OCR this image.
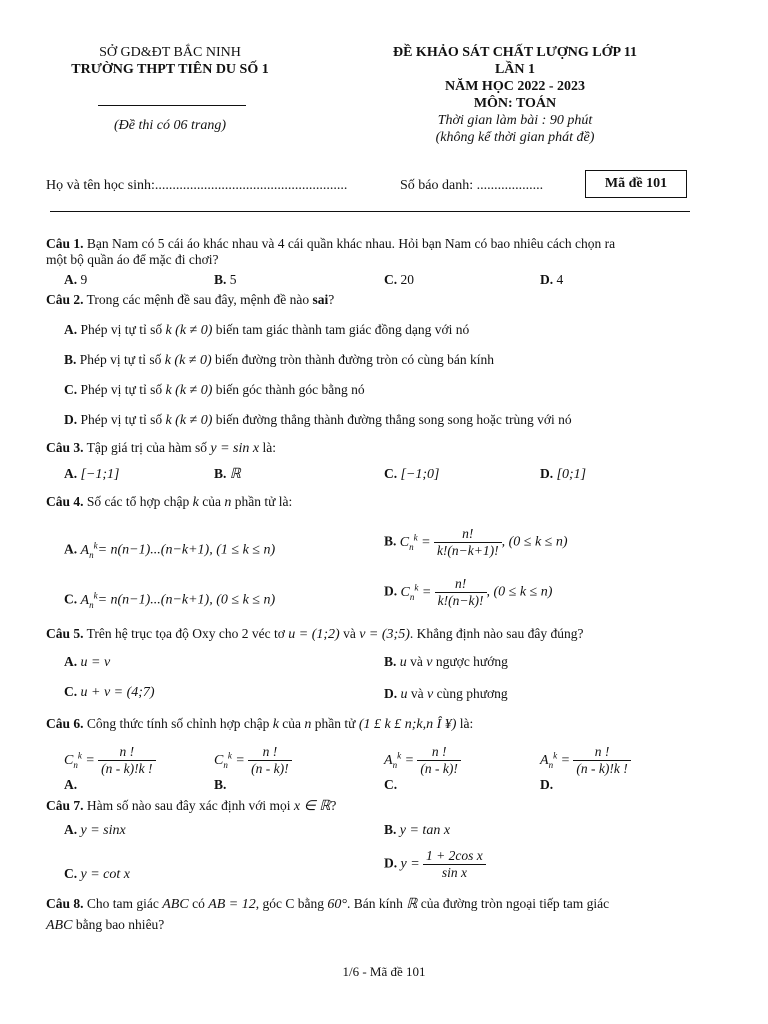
SỞ GD&ĐT BẮC NINH
TRƯỜNG THPT TIÊN DU SỐ 1
(Đề thi có 06 trang)
ĐỀ KHẢO SÁT CHẤT LƯỢNG LỚP 11
LẦN 1
NĂM HỌC 2022 - 2023
MÔN: TOÁN
Thời gian làm bài : 90 phút
(không kể thời gian phát đề)
Họ và tên học sinh:.......................................................	Số báo danh: ...................	Mã đề 101
Câu 1. Bạn Nam có 5 cái áo khác nhau và 4 cái quần khác nhau. Hỏi bạn Nam có bao nhiêu cách chọn ra
một bộ quần áo để mặc đi chơi?
A. 9	B. 5	C. 20	D. 4
Câu 2. Trong các mệnh đề sau đây, mệnh đề nào sai?
A. Phép vị tự tỉ số k (k ≠ 0) biến tam giác thành tam giác đồng dạng với nó
B. Phép vị tự tỉ số k (k ≠ 0) biến đường tròn thành đường tròn có cùng bán kính
C. Phép vị tự tỉ số k (k ≠ 0) biến góc thành góc bằng nó
D. Phép vị tự tỉ số k (k ≠ 0) biến đường thẳng thành đường thẳng song song hoặc trùng với nó
Câu 3. Tập giá trị của hàm số y = sin x là:
A. [−1;1]	B. ℝ	C. [−1;0]	D. [0;1]
Câu 4. Số các tổ hợp chập k của n phần tử là:
A. $A_n^k= n(n-1)...(n-k+1)$, (1 ≤ k ≤ n)
B. $C_n^k = \frac{n!}{k!(n-k+1)!}$ , (0 ≤ k ≤ n)
C. $A_n^k= n(n-1)...(n-k+1)$, (0 ≤ k ≤ n)
D. $C_n^k = \frac{n!}{k!(n-k)!}$ , (0 ≤ k ≤ n)
Câu 5. Trên hệ trục tọa độ Oxy cho 2 véc tơ u = (1;2) và v = (3;5). Khẳng định nào sau đây đúng?
A. u = v	B. u và v ngược hướng
C. u + v = (4;7)	D. u và v cùng phương
Câu 6. Công thức tính số chỉnh hợp chập k của n phần tử (1 £ k £ n;k,n Î ¥) là:
$C_n^k = \frac{n !}{(n - k)!k !}$

A.
$C_n^k = \frac{n !}{(n - k)!}$

B.
$A_n^k = \frac{n !}{(n - k)!}$

C.
$A_n^k = \frac{n !}{(n - k)!k !}$

D.
Câu 7. Hàm số nào sau đây xác định với mọi x ∈ ℝ?
A. y = sinx	B. y = tan x
C. y = cot x
D. $y = \frac{\text{1 + 2cos x}}{\text{sin x}}$
Câu 8. Cho tam giác ABC có AB = 12, góc C bằng 60°. Bán kính ℝ của đường tròn ngoại tiếp tam giác
ABC bằng bao nhiêu?
1/6 - Mã đề 101
